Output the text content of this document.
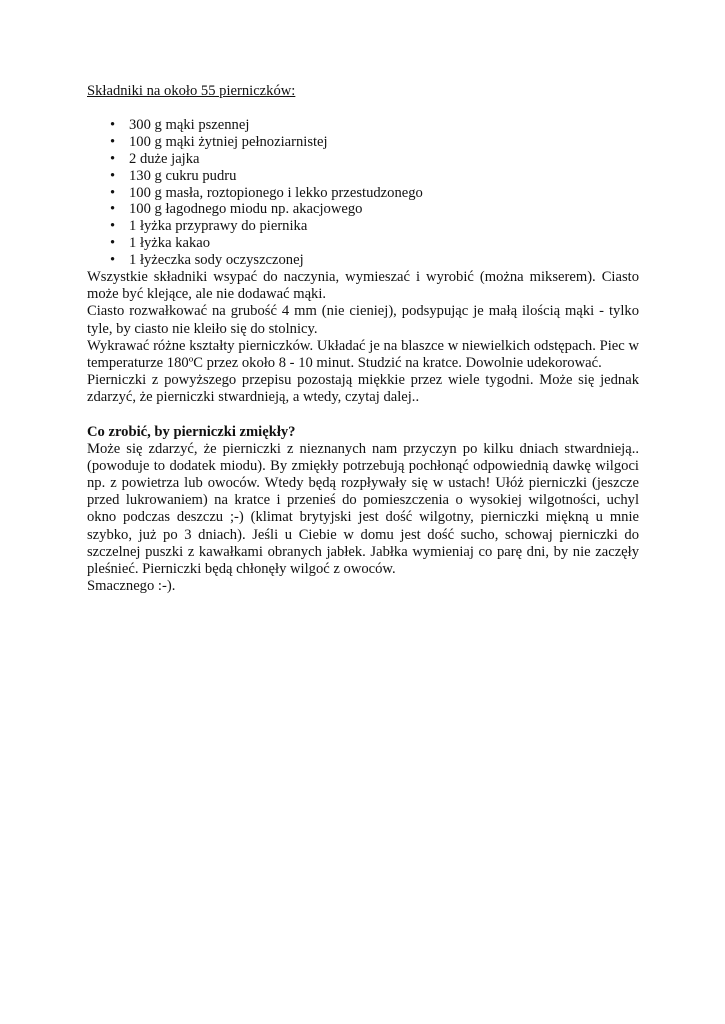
Składniki na około 55 pierniczków:

• 300 g mąki pszennej
• 100 g mąki żytniej pełnoziarnistej
• 2 duże jajka
• 130 g cukru pudru
• 100 g masła, roztopionego i lekko przestudzonego
• 100 g łagodnego miodu np. akacjowego
• 1 łyżka przyprawy do piernika
• 1 łyżka kakao
• 1 łyżeczka sody oczyszczonej

Wszystkie składniki wsypać do naczynia, wymieszać i wyrobić (można mikserem). Ciasto może być klejące, ale nie dodawać mąki.

Ciasto rozwałkować na grubość 4 mm (nie cieniej), podsypując je małą ilością mąki - tylko tyle, by ciasto nie kleiło się do stolnicy.

Wykrawać różne kształty pierniczków. Układać je na blaszce w niewielkich odstępach. Piec w temperaturze 180ºC przez około 8 - 10 minut. Studzić na kratce. Dowolnie udekorować.

Pierniczki z powyższego przepisu pozostają miękkie przez wiele tygodni. Może się jednak zdarzyć, że pierniczki stwardnieją, a wtedy, czytaj dalej..

Co zrobić, by pierniczki zmiękły?

Może się zdarzyć, że pierniczki z nieznanych nam przyczyn po kilku dniach stwardnieją.. (powoduje to dodatek miodu). By zmiękły potrzebują pochłonąć odpowiednią dawkę wilgoci np. z powietrza lub owoców. Wtedy będą rozpływały się w ustach! Ułóż pierniczki (jeszcze przed lukrowaniem) na kratce i przenieś do pomieszczenia o wysokiej wilgotności, uchyl okno podczas deszczu ;-) (klimat brytyjski jest dość wilgotny, pierniczki miękną u mnie szybko, już po 3 dniach). Jeśli u Ciebie w domu jest dość sucho, schowaj pierniczki do szczelnej puszki z kawałkami obranych jabłek. Jabłka wymieniaj co parę dni, by nie zaczęły pleśnieć. Pierniczki będą chłonęły wilgoć z owoców.

Smacznego :-).
